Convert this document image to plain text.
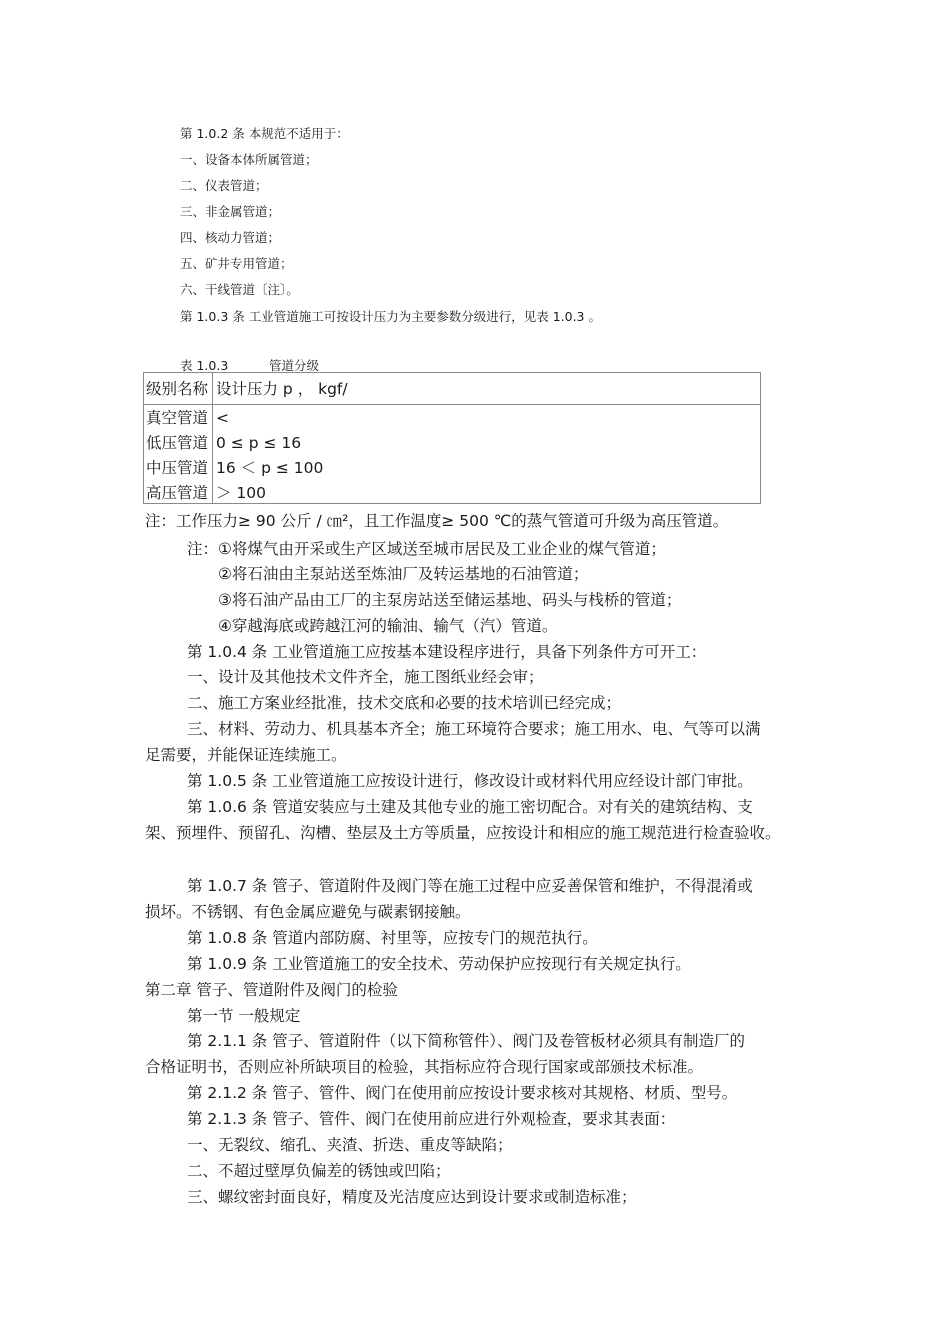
第 1.0.2 条 本规范不适用于：
一、设备本体所属管道；
二、仪表管道；
三、非金属管道；
四、核动力管道；
五、矿井专用管道；
六、干线管道〔注〕。
第 1.0.3 条 工业管道施工可按设计压力为主要参数分级进行，见表 1.0.3 。
表 1.0.3	管道分级
级别名称 设计压力 p ， kgf/
真空管道 <
低压管道 0 ≤ p ≤ 16
中压管道 16 ＜ p ≤ 100
高压管道 ＞ 100
注：工作压力≥ 90 公斤 / ㎝²，且工作温度≥ 500 ℃的蒸气管道可升级为高压管道。
注：①将煤气由开采或生产区域送至城市居民及工业企业的煤气管道；
②将石油由主泵站送至炼油厂及转运基地的石油管道；
③将石油产品由工厂的主泵房站送至储运基地、码头与栈桥的管道；
④穿越海底或跨越江河的输油、输气（汽）管道。
第 1.0.4 条 工业管道施工应按基本建设程序进行，具备下列条件方可开工：
一、设计及其他技术文件齐全，施工图纸业经会审；
二、施工方案业经批准，技术交底和必要的技术培训已经完成；
三、材料、劳动力、机具基本齐全；施工环境符合要求；施工用水、电、气等可以满
足需要，并能保证连续施工。
第 1.0.5 条 工业管道施工应按设计进行，修改设计或材料代用应经设计部门审批。
第 1.0.6 条 管道安装应与土建及其他专业的施工密切配合。对有关的建筑结构、支
架、预埋件、预留孔、沟槽、垫层及土方等质量，应按设计和相应的施工规范进行检查验收。
第 1.0.7 条 管子、管道附件及阀门等在施工过程中应妥善保管和维护，不得混淆或
损坏。不锈钢、有色金属应避免与碳素钢接触。
第 1.0.8 条 管道内部防腐、衬里等，应按专门的规范执行。
第 1.0.9 条 工业管道施工的安全技术、劳动保护应按现行有关规定执行。
第二章 管子、管道附件及阀门的检验
第一节 一般规定
第 2.1.1 条 管子、管道附件（以下简称管件）、阀门及卷管板材必须具有制造厂的
合格证明书，否则应补所缺项目的检验，其指标应符合现行国家或部颁技术标准。
第 2.1.2 条 管子、管件、阀门在使用前应按设计要求核对其规格、材质、型号。
第 2.1.3 条 管子、管件、阀门在使用前应进行外观检查，要求其表面：
一、无裂纹、缩孔、夹渣、折迭、重皮等缺陷；
二、不超过壁厚负偏差的锈蚀或凹陷；
三、螺纹密封面良好，精度及光洁度应达到设计要求或制造标准；
